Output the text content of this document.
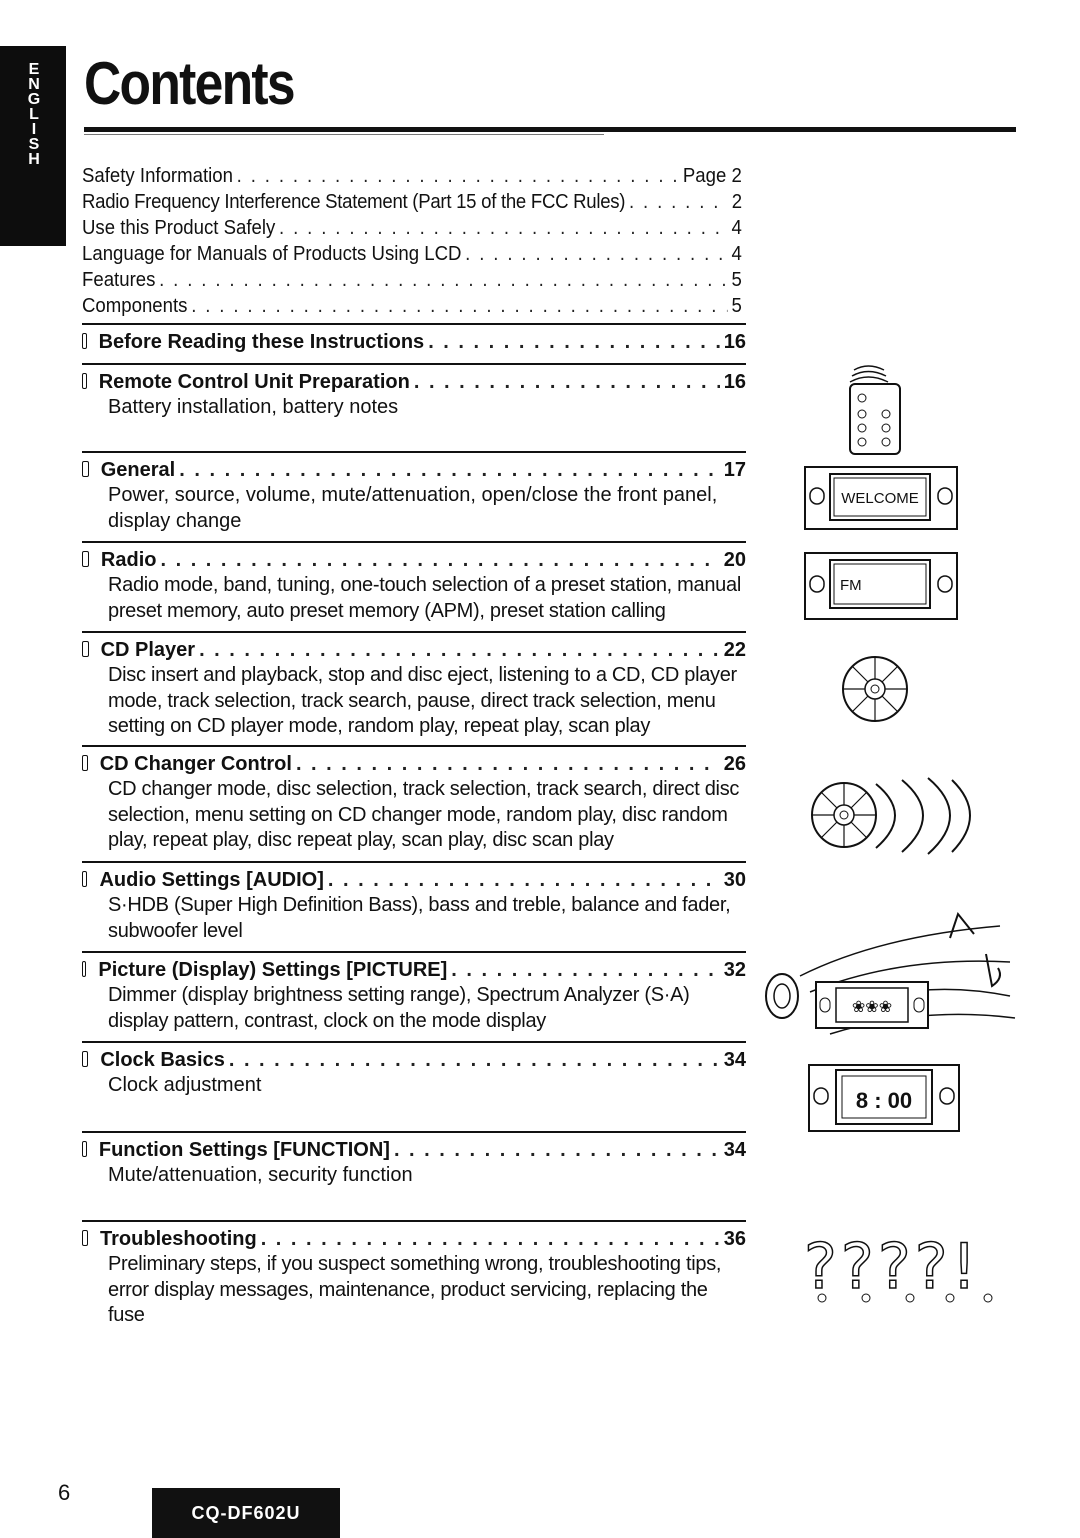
E
N
G
L
I
S
H
Contents
Safety Information . . .	Page 2
Radio Frequency Interference Statement (Part 15 of the FCC Rules) . . .	2
Use this Product Safely . . .	4
Language for Manuals of Products Using LCD . . .	4
Features . . .	5
Components . . .	5
Before Reading these Instructions . . .	16
Remote Control Unit Preparation . . .	16
Battery installation, battery notes
General . . .	17
Power, source, volume, mute/attenuation, open/close the front panel, display change
Radio . . .	20
Radio mode, band, tuning, one-touch selection of a preset station, manual preset memory, auto preset memory (APM), preset station calling
CD Player . . .	22
Disc insert and playback, stop and disc eject, listening to a CD, CD player mode, track selection, track search, pause, direct track selection, menu setting on CD player mode, random play, repeat play, scan play
CD Changer Control . . .	26
CD changer mode, disc selection, track selection, track search, direct disc selection, menu setting on CD changer mode, random play, disc random play, repeat play, disc repeat play, scan play, disc scan play
Audio Settings [AUDIO] . . .	30
S·HDB (Super High Definition Bass), bass and treble, balance and fader, subwoofer level
Picture (Display) Settings [PICTURE] . . .	32
Dimmer (display brightness setting range), Spectrum Analyzer (S·A) display pattern, contrast, clock on the mode display
Clock Basics . . .	34
Clock adjustment
Function Settings [FUNCTION] . . .	34
Mute/attenuation, security function
Troubleshooting . . .	36
Preliminary steps, if you suspect something wrong, troubleshooting tips, error display messages, maintenance, product servicing, replacing the fuse
WELCOME
FM
❀❀❀
8 : 00
????!
6
CQ-DF602U
